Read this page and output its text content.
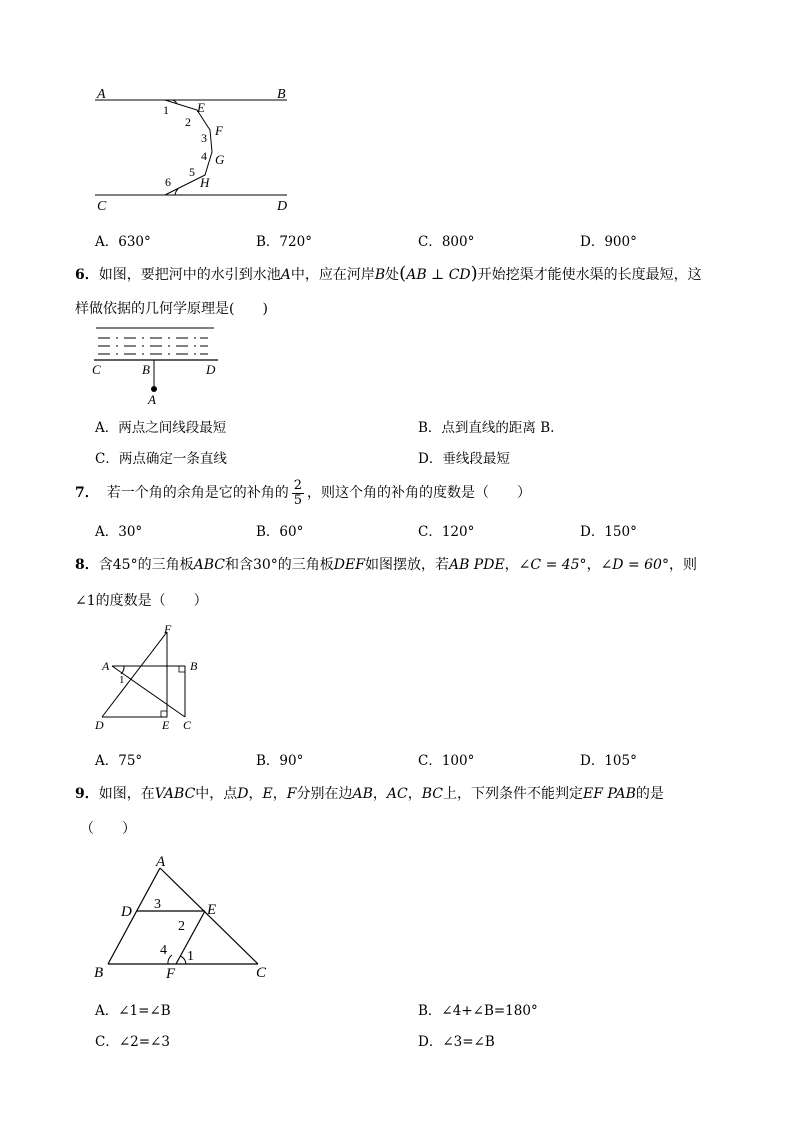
A	B
C	D
E
F
G
H
1
2
3
4
5
6
A．630°	B．720°	C．800°	D．900°
6．如图，要把河中的水引到水池A中，应在河岸B处(AB ⊥ CD)开始挖渠才能使水渠的长度最短，这
样做依据的几何学原理是(　　)
C	B	D
A
A．两点之间线段最短	B．点到直线的距离 B.
C．两点确定一条直线	D．垂线段最短
7． 若一个角的余角是它的补角的 $\frac{2}{5}$ ，则这个角的补角的度数是（　　）
A．30°	B．60°	C．120°	D．150°
8．含45°的三角板ABC和含30°的三角板DEF如图摆放，若AB PDE，∠C = 45°，∠D = 60°，则
∠1的度数是（　　）
F
A	B
1
D	E C
A．75°	B．90°	C．100°	D．105°
9．如图，在VABC中，点D，E，F分别在边AB，AC，BC上，下列条件不能判定EF PAB的是
（　　）
A
D	E
B	F	C
3
2
4 1
A．∠1=∠B	B．∠4+∠B=180°
C．∠2=∠3	D．∠3=∠B
